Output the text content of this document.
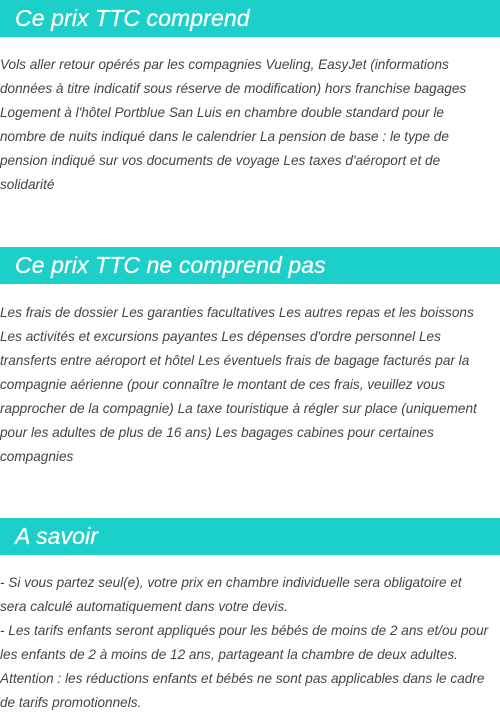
Ce prix TTC comprend

Vols aller retour opérés par les compagnies Vueling, EasyJet (informations
données à titre indicatif sous réserve de modification) hors franchise bagages
Logement à l'hôtel Portblue San Luis en chambre double standard pour le
nombre de nuits indiqué dans le calendrier La pension de base : le type de
pension indiqué sur vos documents de voyage Les taxes d'aéroport et de
solidarité

Ce prix TTC ne comprend pas

Les frais de dossier Les garanties facultatives Les autres repas et les boissons
Les activités et excursions payantes Les dépenses d'ordre personnel Les
transferts entre aéroport et hôtel Les éventuels frais de bagage facturés par la
compagnie aérienne (pour connaître le montant de ces frais, veuillez vous
rapprocher de la compagnie) La taxe touristique à régler sur place (uniquement
pour les adultes de plus de 16 ans) Les bagages cabines pour certaines
compagnies

A savoir

- Si vous partez seul(e), votre prix en chambre individuelle sera obligatoire et
sera calculé automatiquement dans votre devis.
- Les tarifs enfants seront appliqués pour les bébés de moins de 2 ans et/ou pour
les enfants de 2 à moins de 12 ans, partageant la chambre de deux adultes.
Attention : les réductions enfants et bébés ne sont pas applicables dans le cadre
de tarifs promotionnels.
